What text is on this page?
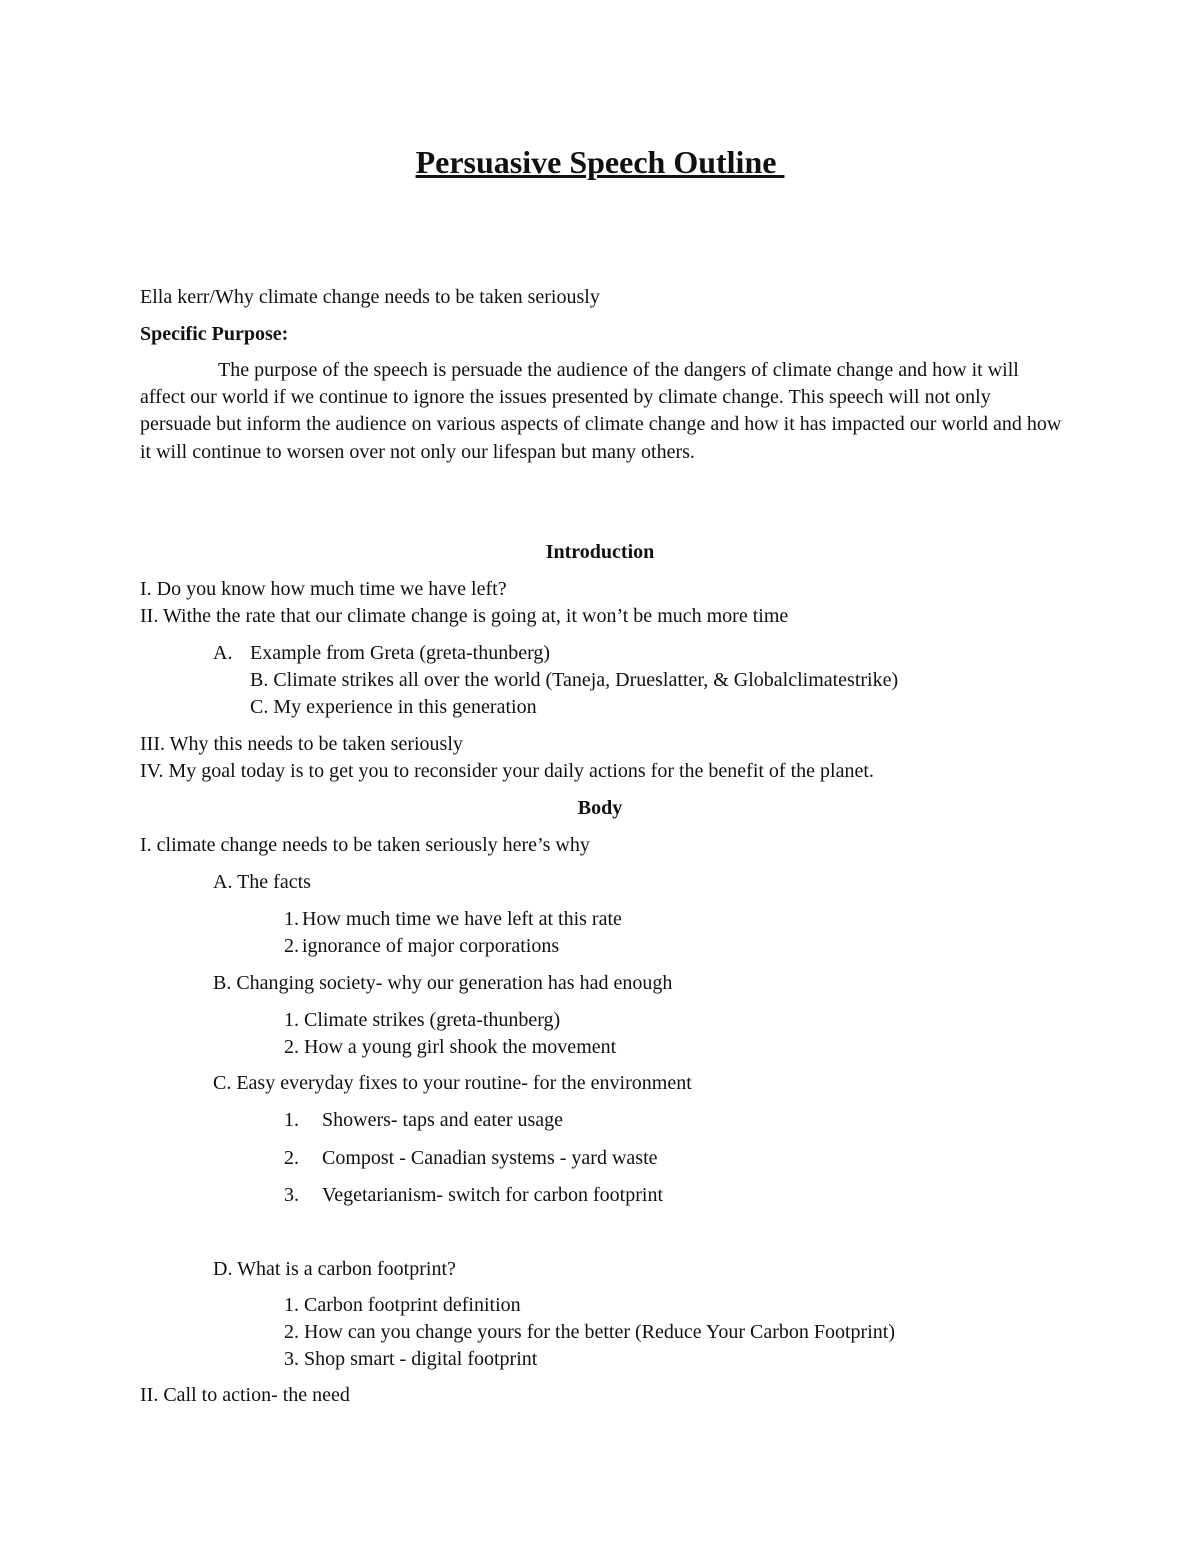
Persuasive Speech Outline

Ella kerr/Why climate change needs to be taken seriously

Specific Purpose:

The purpose of the speech is persuade the audience of the dangers of climate change and how it will affect our world if we continue to ignore the issues presented by climate change. This speech will not only persuade but inform the audience on various aspects of climate change and how it has impacted our world and how it will continue to worsen over not only our lifespan but many others.

Introduction

I. Do you know how much time we have left?

II. Withe the rate that our climate change is going at, it won’t be much more time

A. Example from Greta (greta-thunberg)

B. Climate strikes all over the world (Taneja, Drueslatter, & Globalclimatestrike)

C. My experience in this generation

III. Why this needs to be taken seriously

IV. My goal today is to get you to reconsider your daily actions for the benefit of the planet.

Body

I. climate change needs to be taken seriously here’s why

A. The facts

1. How much time we have left at this rate

2. ignorance of major corporations

B. Changing society- why our generation has had enough

1. Climate strikes (greta-thunberg)

2. How a young girl shook the movement

C. Easy everyday fixes to your routine- for the environment

1. Showers- taps and eater usage

2. Compost - Canadian systems - yard waste

3. Vegetarianism- switch for carbon footprint

D. What is a carbon footprint?

1. Carbon footprint definition

2. How can you change yours for the better (Reduce Your Carbon Footprint)

3. Shop smart - digital footprint

II. Call to action- the need
